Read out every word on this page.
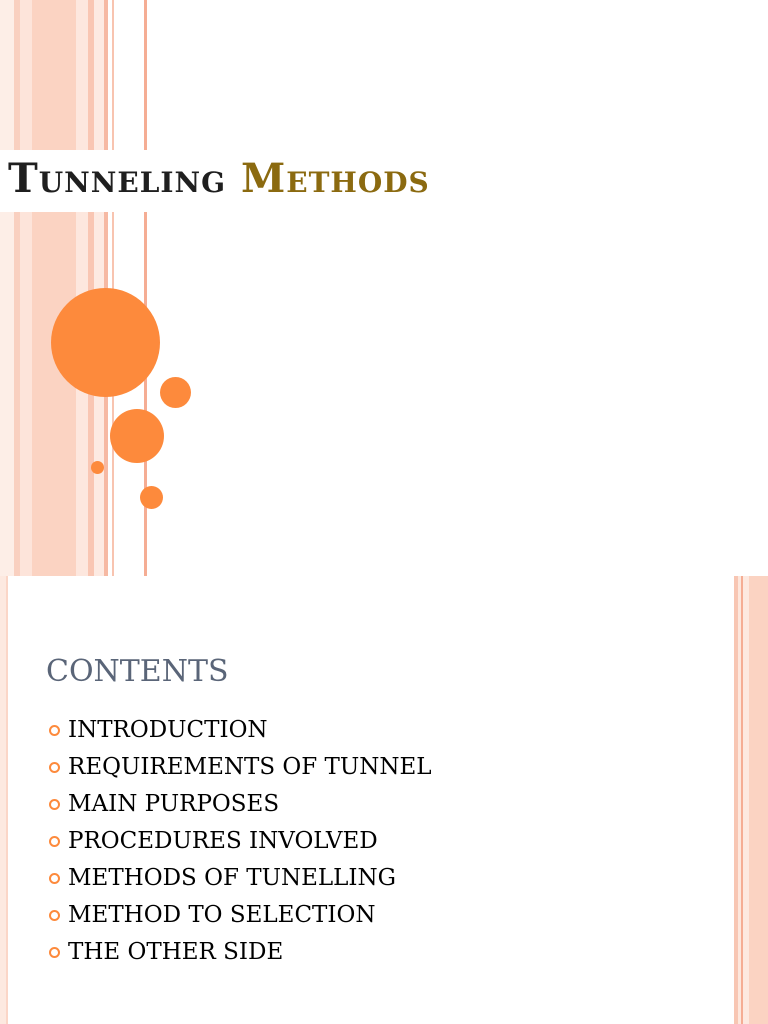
Tunneling Methods
CONTENTS
INTRODUCTION
REQUIREMENTS OF TUNNEL
MAIN PURPOSES
PROCEDURES INVOLVED
METHODS OF TUNELLING
METHOD TO SELECTION
THE OTHER SIDE
